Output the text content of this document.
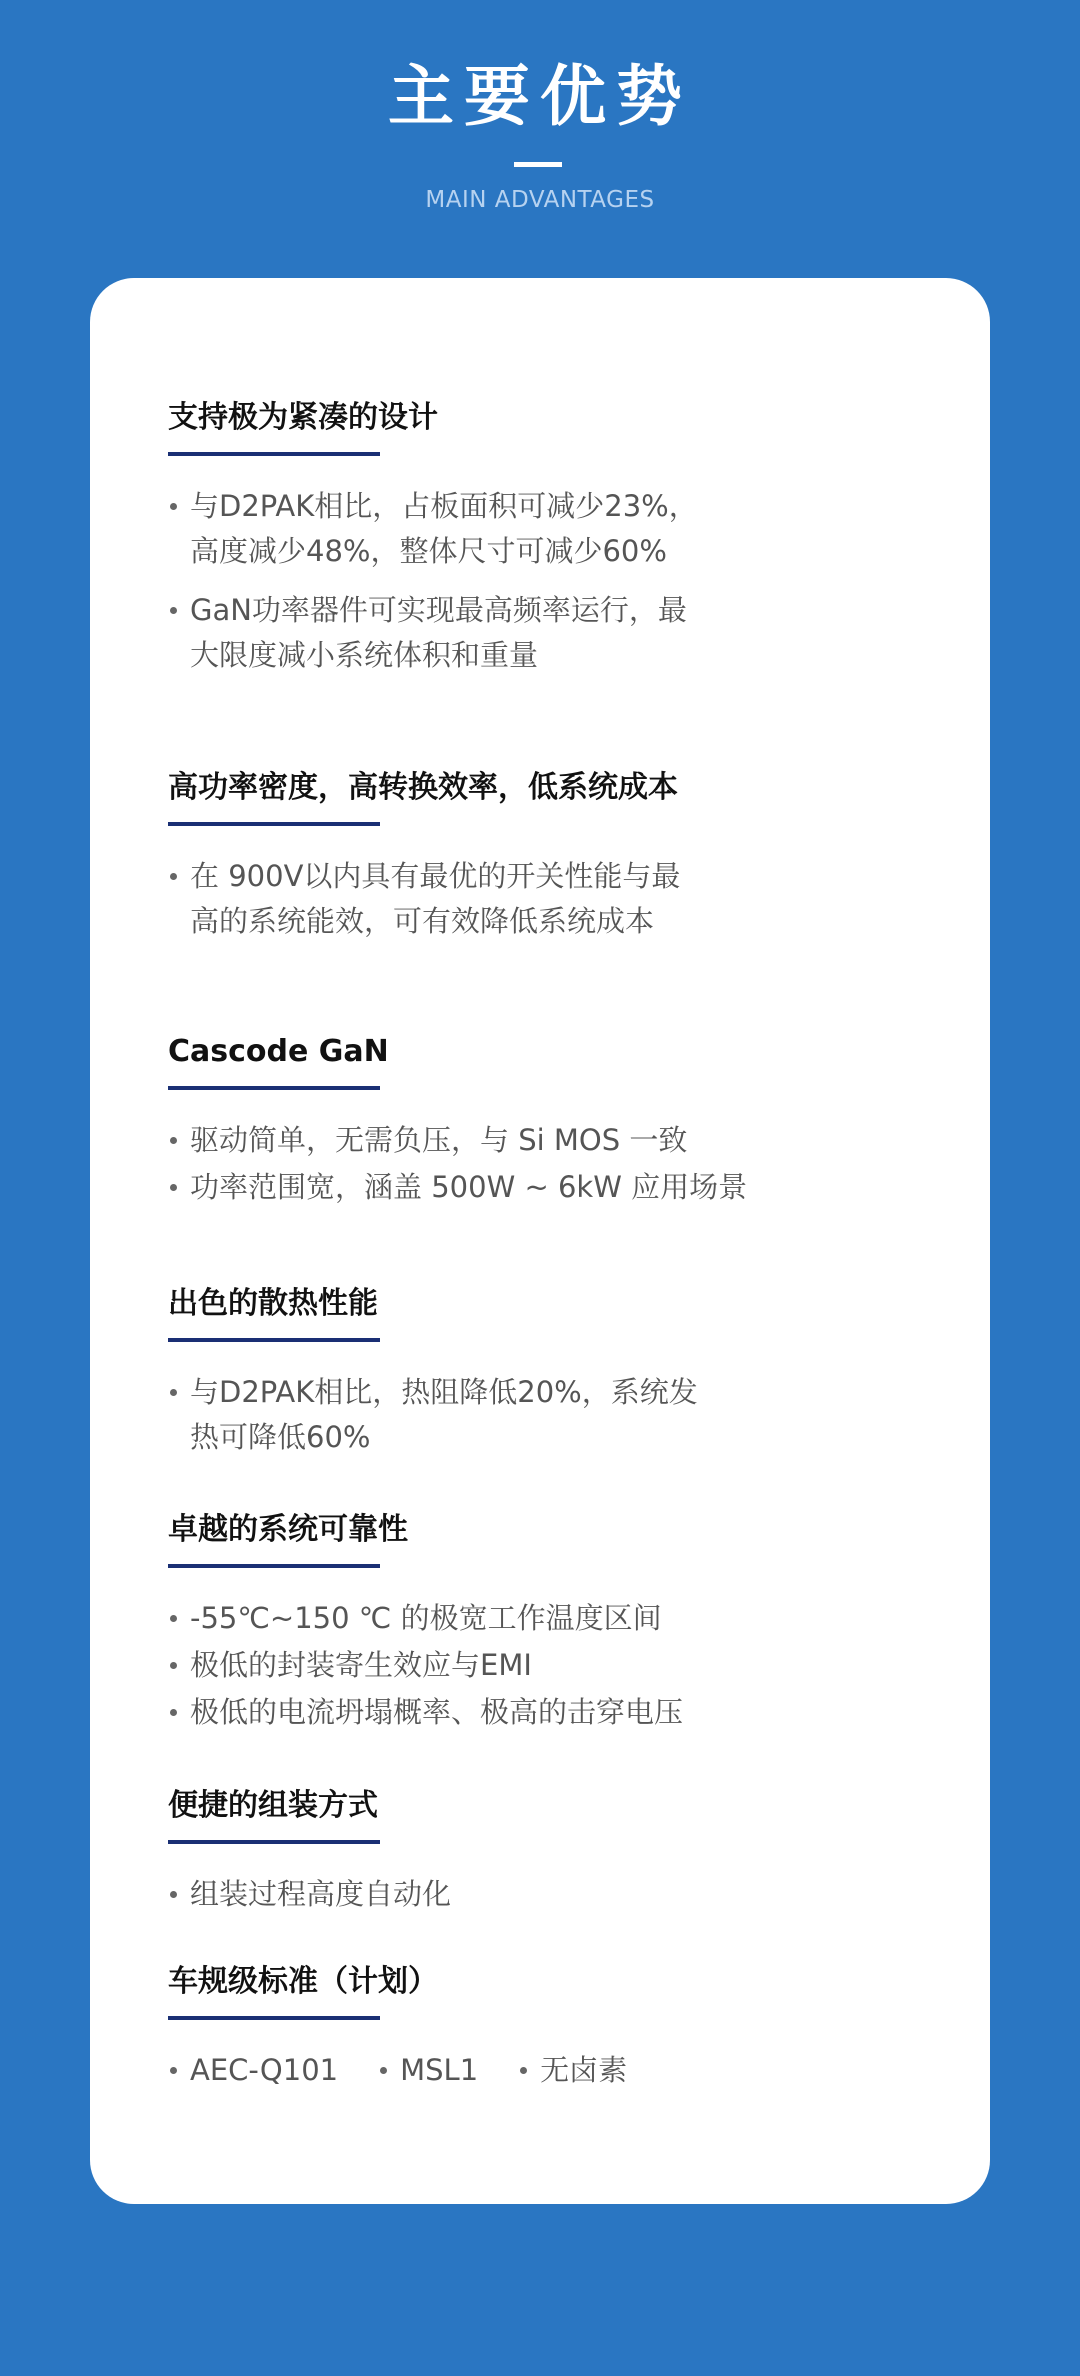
主要优势
MAIN ADVANTAGES
支持极为紧凑的设计
与D2PAK相比，占板面积可减少23%，高度减少48%，整体尺寸可减少60%
GaN功率器件可实现最高频率运行，最大限度减小系统体积和重量
高功率密度，高转换效率，低系统成本
在 900V以内具有最优的开关性能与最高的系统能效，可有效降低系统成本
Cascode GaN
驱动简单，无需负压，与 Si MOS 一致
功率范围宽，涵盖 500W ~ 6kW 应用场景
出色的散热性能
与D2PAK相比，热阻降低20%，系统发热可降低60%
卓越的系统可靠性
-55℃~150 ℃ 的极宽工作温度区间
极低的封装寄生效应与EMI
极低的电流坍塌概率、极高的击穿电压
便捷的组装方式
组装过程高度自动化
车规级标准（计划）
AEC-Q101	MSL1	无卤素
